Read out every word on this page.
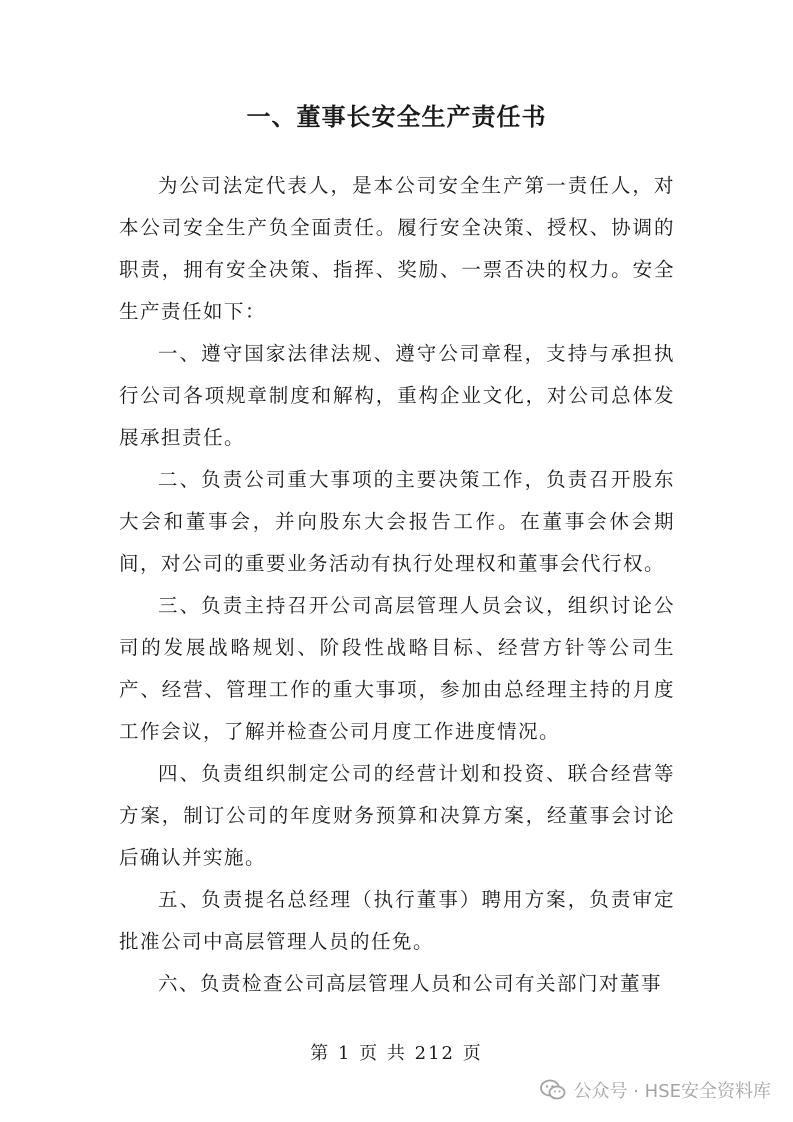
一、董事长安全生产责任书

为公司法定代表人，是本公司安全生产第一责任人，对本公司安全生产负全面责任。履行安全决策、授权、协调的职责，拥有安全决策、指挥、奖励、一票否决的权力。安全生产责任如下：

一、遵守国家法律法规、遵守公司章程，支持与承担执行公司各项规章制度和解构，重构企业文化，对公司总体发展承担责任。

二、负责公司重大事项的主要决策工作，负责召开股东大会和董事会，并向股东大会报告工作。在董事会休会期间，对公司的重要业务活动有执行处理权和董事会代行权。

三、负责主持召开公司高层管理人员会议，组织讨论公司的发展战略规划、阶段性战略目标、经营方针等公司生产、经营、管理工作的重大事项，参加由总经理主持的月度工作会议，了解并检查公司月度工作进度情况。

四、负责组织制定公司的经营计划和投资、联合经营等方案，制订公司的年度财务预算和决算方案，经董事会讨论后确认并实施。

五、负责提名总经理（执行董事）聘用方案，负责审定批准公司中高层管理人员的任免。

六、负责检查公司高层管理人员和公司有关部门对董事

第 1 页 共 212 页
公众号 · HSE安全资料库
